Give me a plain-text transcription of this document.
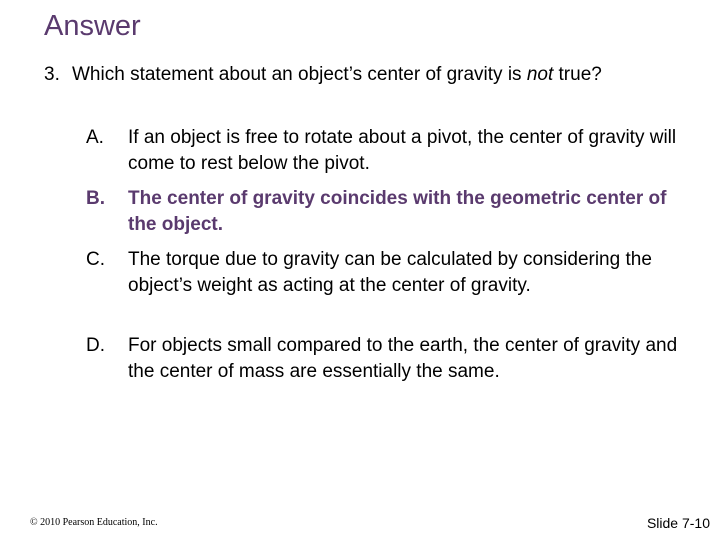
Answer
3. Which statement about an object’s center of gravity is not true?
A.	If an object is free to rotate about a pivot, the center of gravity will come to rest below the pivot.
B.	The center of gravity coincides with the geometric center of the object.
C.	The torque due to gravity can be calculated by considering the object’s weight as acting at the center of gravity.
D.	For objects small compared to the earth, the center of gravity and the center of mass are essentially the same.
© 2010 Pearson Education, Inc.	Slide 7-10
